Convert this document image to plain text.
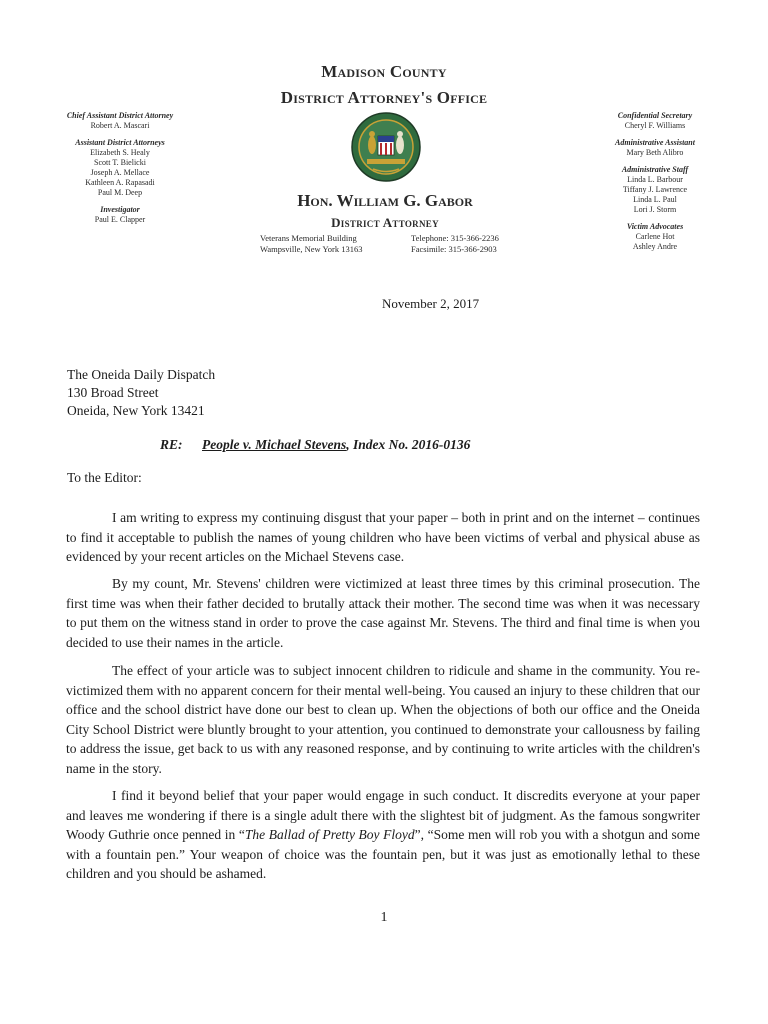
Madison County
District Attorney's Office
Chief Assistant District Attorney
Robert A. Mascari
Assistant District Attorneys
Elizabeth S. Healy
Scott T. Bielicki
Joseph A. Mellace
Kathleen A. Rapasadi
Paul M. Deep
Investigator
Paul E. Clapper
Confidential Secretary
Cheryl F. Williams
Administrative Assistant
Mary Beth Alibro
Administrative Staff
Linda L. Barbour
Tiffany J. Lawrence
Linda L. Paul
Lori J. Storm
Victim Advocates
Carlene Hot
Ashley Andre
Hon. William G. Gabor
District Attorney
Veterans Memorial Building
Wampsville, New York 13163
Telephone: 315-366-2236
Facsimile: 315-366-2903
November 2, 2017
The Oneida Daily Dispatch
130 Broad Street
Oneida, New York 13421
RE: People v. Michael Stevens, Index No. 2016-0136
To the Editor:

I am writing to express my continuing disgust that your paper – both in print and on the internet – continues to find it acceptable to publish the names of young children who have been victims of verbal and physical abuse as evidenced by your recent articles on the Michael Stevens case.

By my count, Mr. Stevens' children were victimized at least three times by this criminal prosecution. The first time was when their father decided to brutally attack their mother. The second time was when it was necessary to put them on the witness stand in order to prove the case against Mr. Stevens. The third and final time is when you decided to use their names in the article.

The effect of your article was to subject innocent children to ridicule and shame in the community. You re-victimized them with no apparent concern for their mental well-being. You caused an injury to these children that our office and the school district have done our best to clean up. When the objections of both our office and the Oneida City School District were bluntly brought to your attention, you continued to demonstrate your callousness by failing to address the issue, get back to us with any reasoned response, and by continuing to write articles with the children's name in the story.

I find it beyond belief that your paper would engage in such conduct. It discredits everyone at your paper and leaves me wondering if there is a single adult there with the slightest bit of judgment. As the famous songwriter Woody Guthrie once penned in “The Ballad of Pretty Boy Floyd”, “Some men will rob you with a shotgun and some with a fountain pen.” Your weapon of choice was the fountain pen, but it was just as emotionally lethal to these children and you should be ashamed.

1
